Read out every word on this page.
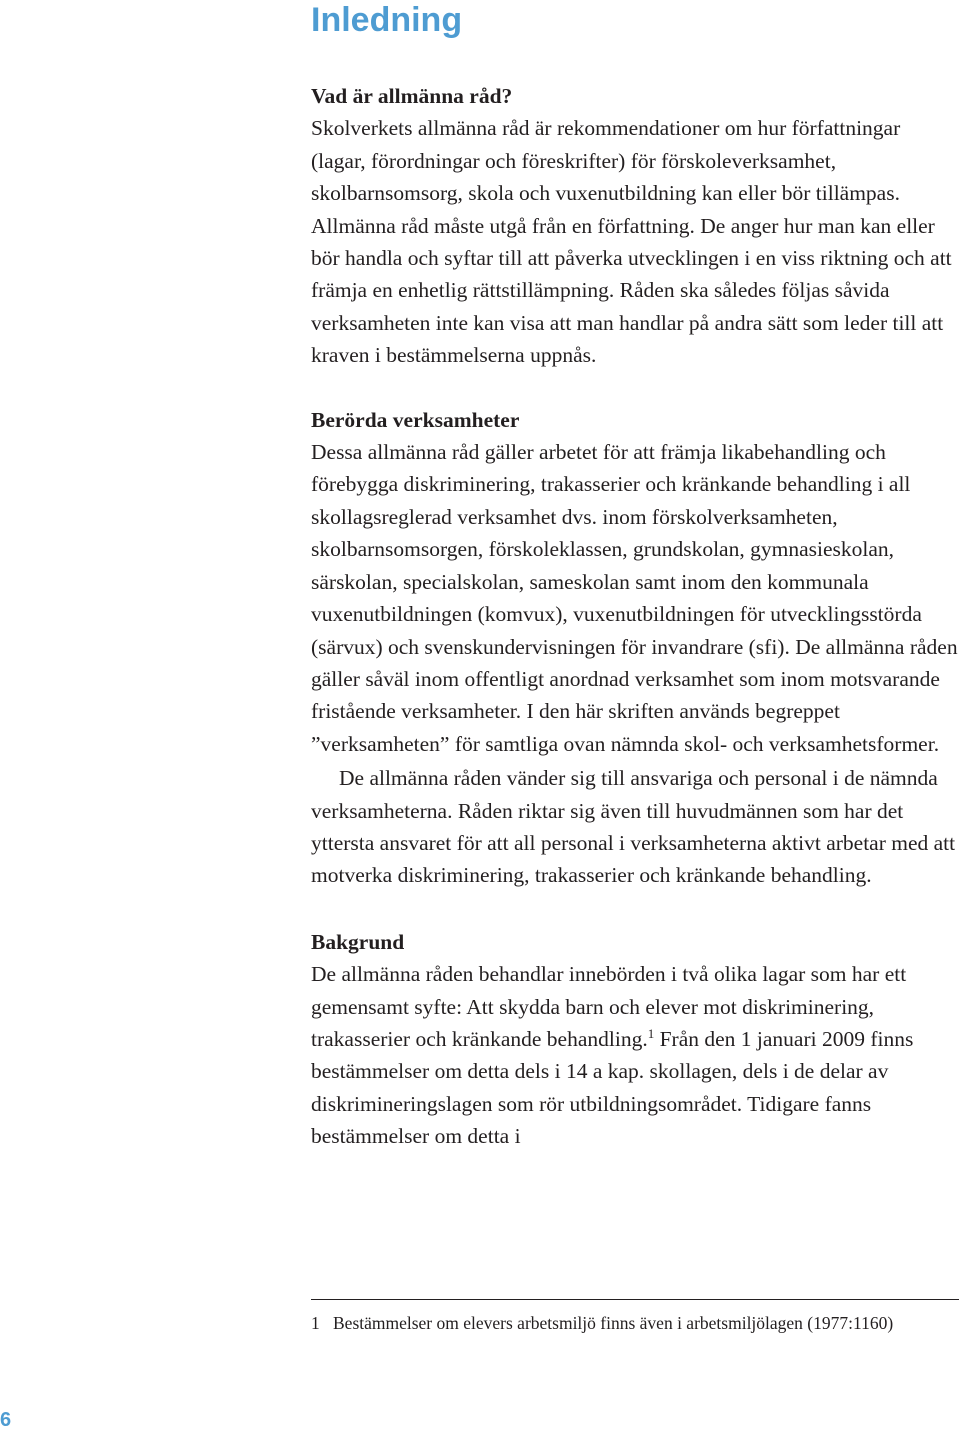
Inledning

Vad är allmänna råd?

Skolverkets allmänna råd är rekommendationer om hur författningar (lagar, förordningar och föreskrifter) för förskoleverksamhet, skolbarnsomsorg, skola och vuxenutbildning kan eller bör tillämpas. Allmänna råd måste utgå från en författning. De anger hur man kan eller bör handla och syftar till att påverka utvecklingen i en viss riktning och att främja en enhetlig rättstillämpning. Råden ska således följas såvida verksamheten inte kan visa att man handlar på andra sätt som leder till att kraven i bestämmelserna uppnås.

Berörda verksamheter

Dessa allmänna råd gäller arbetet för att främja likabehandling och förebygga diskriminering, trakasserier och kränkande behandling i all skollagsreglerad verksamhet dvs. inom förskolverksamheten, skolbarnsomsorgen, förskoleklassen, grundskolan, gymnasieskolan, särskolan, specialskolan, sameskolan samt inom den kommunala vuxenutbildningen (komvux), vuxenutbildningen för utvecklingsstörda (särvux) och svenskundervisningen för invandrare (sfi). De allmänna råden gäller såväl inom offentligt anordnad verksamhet som inom motsvarande fristående verksamheter. I den här skriften används begreppet ”verksamheten” för samtliga ovan nämnda skol- och verksamhetsformer.

De allmänna råden vänder sig till ansvariga och personal i de nämnda verksamheterna. Råden riktar sig även till huvudmännen som har det yttersta ansvaret för att all personal i verksamheterna aktivt arbetar med att motverka diskriminering, trakasserier och kränkande behandling.

Bakgrund

De allmänna råden behandlar innebörden i två olika lagar som har ett gemensamt syfte: Att skydda barn och elever mot diskriminering, trakasserier och kränkande behandling.$^1$ Från den 1 januari 2009 finns bestämmelser om detta dels i 14 a kap. skollagen, dels i de delar av diskrimineringslagen som rör utbildningsområdet. Tidigare fanns bestämmelser om detta i

1 Bestämmelser om elevers arbetsmiljö finns även i arbetsmiljölagen (1977:1160)
6
